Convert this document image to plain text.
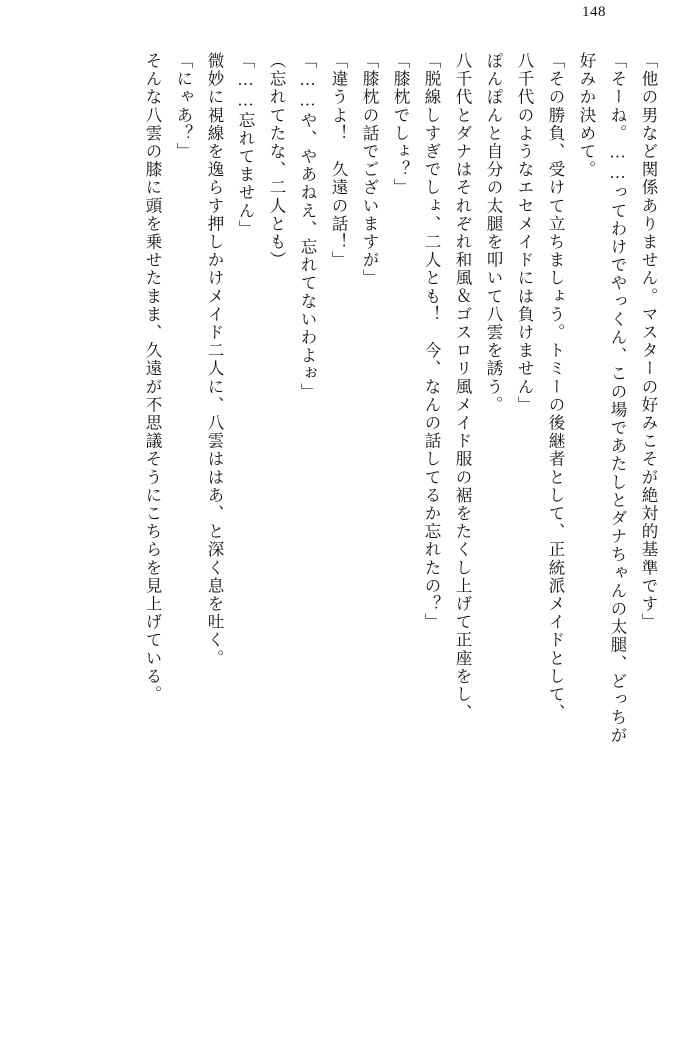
148
「他の男など関係ありません。マスターの好みこそが絶対的基準です」
「そーね。……ってわけでやっくん、この場であたしとダナちゃんの太腿、どっちが
好みか決めて。
「その勝負、受けて立ちましょう。トミーの後継者として、正統派メイドとして、
八千代のようなエセメイドには負けません」
ぽんぽんと自分の太腿を叩いて八雲を誘う。
八千代とダナはそれぞれ和風＆ゴスロリ風メイド服の裾をたくし上げて正座をし、
「脱線しすぎでしょ、二人とも！　今、なんの話してるか忘れたの？」
「膝枕でしょ？」
「膝枕の話でございますが」
「違うよ！　久遠の話！」
「……や、やあねえ、忘れてないわよぉ」
（忘れてたな、二人とも）
「……忘れてません」
微妙に視線を逸らす押しかけメイド二人に、八雲ははあ、と深く息を吐く。
「にゃあ？」
そんな八雲の膝に頭を乗せたまま、久遠が不思議そうにこちらを見上げている。
